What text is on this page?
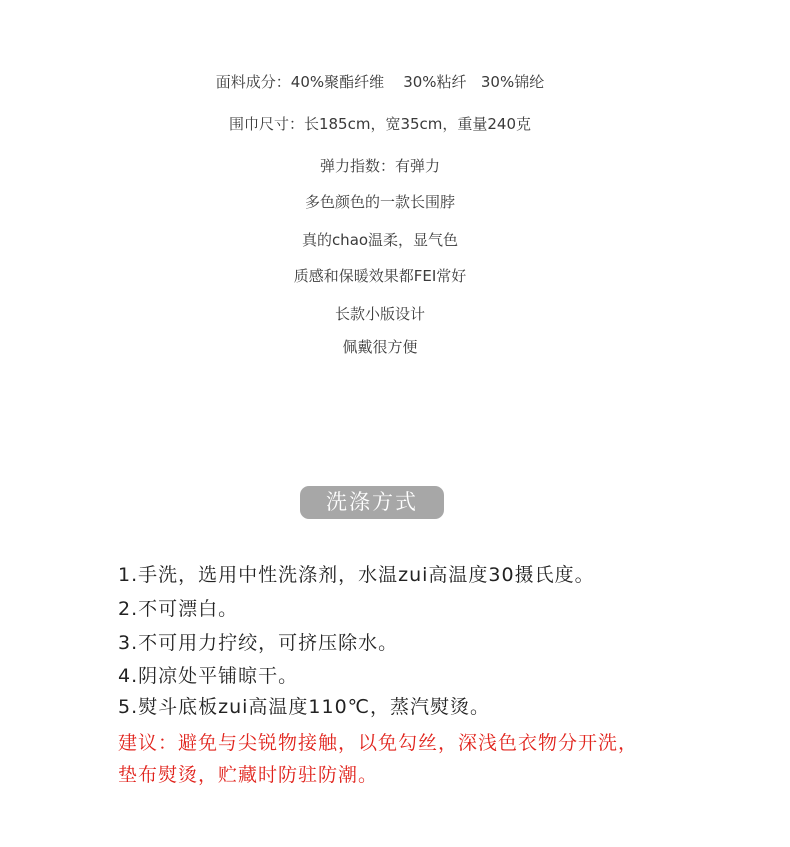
面料成分：40%聚酯纤维    30%粘纤   30%锦纶
围巾尺寸：长185cm，宽35cm，重量240克
弹力指数：有弹力
多色颜色的一款长围脖
真的chao温柔，显气色
质感和保暖效果都FEI常好
长款小版设计
佩戴很方便
洗涤方式
1.手洗，选用中性洗涤剂，水温zui高温度30摄氏度。
2.不可漂白。
3.不可用力拧绞，可挤压除水。
4.阴凉处平铺晾干。
5.熨斗底板zui高温度110℃，蒸汽熨烫。
建议：避免与尖锐物接触，以免勾丝，深浅色衣物分开洗，
垫布熨烫，贮藏时防驻防潮。
